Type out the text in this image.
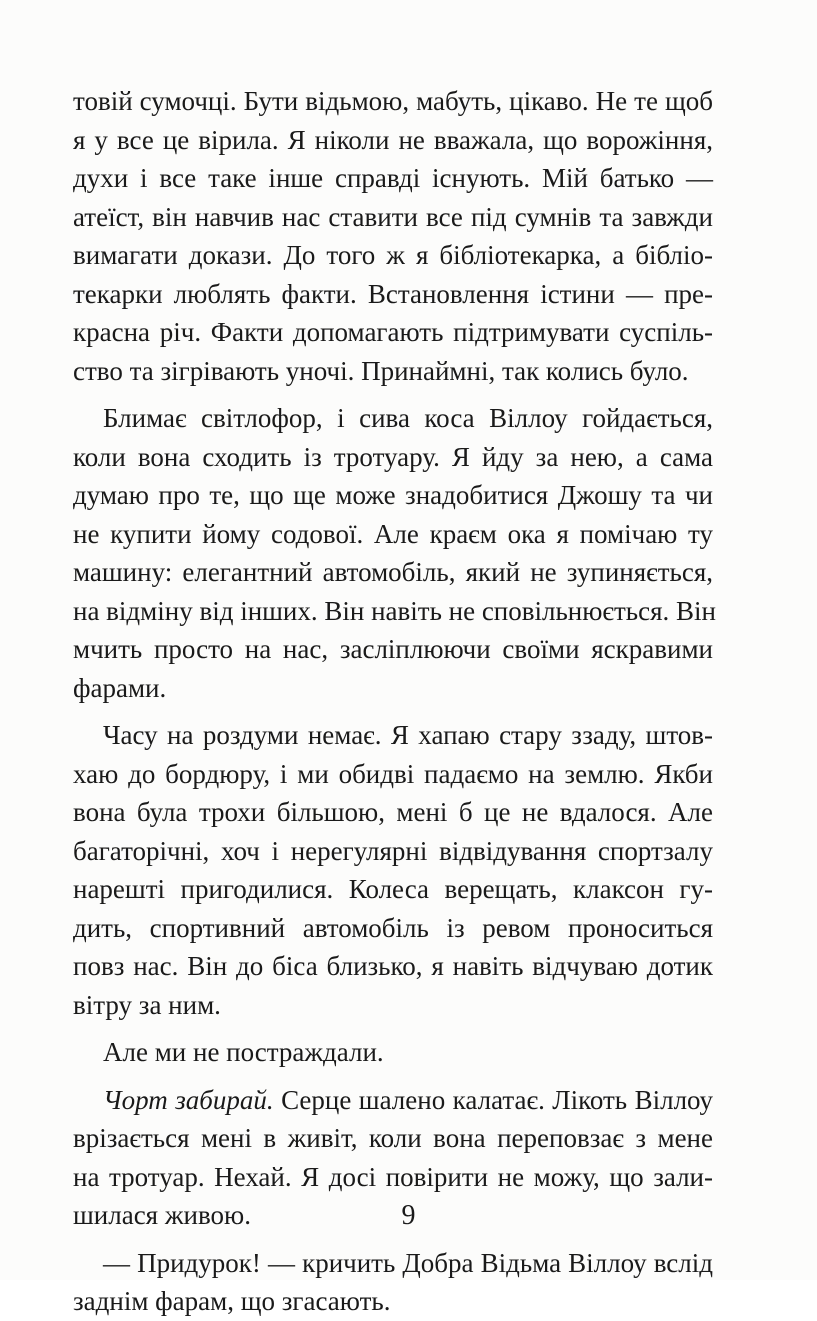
товій сумочці. Бути відьмою, мабуть, цікаво. Не те щоб
я у все це вірила. Я ніколи не вважала, що ворожіння,
духи і все таке інше справді існують. Мій батько —
атеїст, він навчив нас ставити все під сумнів та завжди
вимагати докази. До того ж я бібліотекарка, а бібліо-
текарки люблять факти. Встановлення істини — пре-
красна річ. Факти допомагають підтримувати суспіль-
ство та зігрівають уночі. Принаймні, так колись було.
Блимає світлофор, і сива коса Віллоу гойдається,
коли вона сходить із тротуару. Я йду за нею, а сама
думаю про те, що ще може знадобитися Джошу та чи
не купити йому содової. Але краєм ока я помічаю ту
машину: елегантний автомобіль, який не зупиняється,
на відміну від інших. Він навіть не сповільнюється. Він
мчить просто на нас, засліплюючи своїми яскравими
фарами.
Часу на роздуми немає. Я хапаю стару ззаду, штов-
хаю до бордюру, і ми обидві падаємо на землю. Якби
вона була трохи більшою, мені б це не вдалося. Але
багаторічні, хоч і нерегулярні відвідування спортзалу
нарешті пригодилися. Колеса верещать, клаксон гу-
дить, спортивний автомобіль із ревом проноситься
повз нас. Він до біса близько, я навіть відчуваю дотик
вітру за ним.
Але ми не постраждали.
Чорт забирай. Серце шалено калатає. Лікоть Віллоу
врізається мені в живіт, коли вона переповзає з мене
на тротуар. Нехай. Я досі повірити не можу, що зали-
шилася живою.
— Придурок! — кричить Добра Відьма Віллоу вслід
заднім фарам, що згасають.
9
